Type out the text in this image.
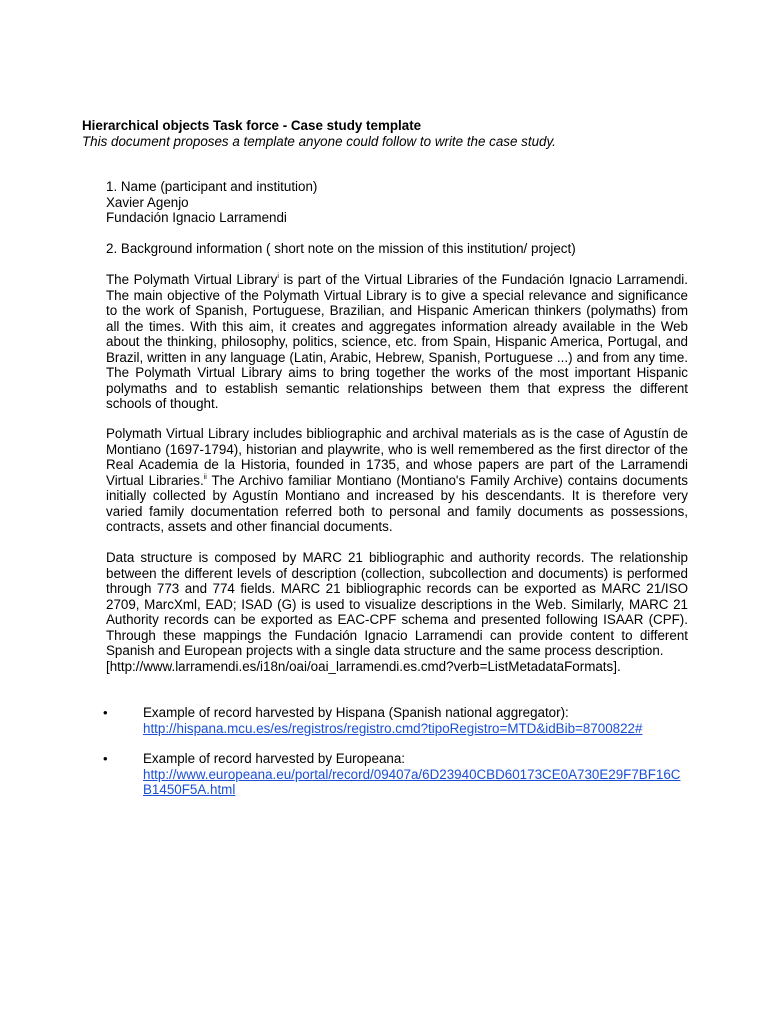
Hierarchical objects Task force - Case study template

This document proposes a template anyone could follow to write the case study.

1. Name (participant and institution)
Xavier Agenjo
Fundación Ignacio Larramendi
2. Background information ( short note on the mission of this institution/ project)

The Polymath Virtual Library$^i$ is part of the Virtual Libraries of the Fundación Ignacio Larramendi. The main objective of the Polymath Virtual Library is to give a special relevance and significance to the work of Spanish, Portuguese, Brazilian, and Hispanic American thinkers (polymaths) from all the times. With this aim, it creates and aggregates information already available in the Web about the thinking, philosophy, politics, science, etc. from Spain, Hispanic America, Portugal, and Brazil, written in any language (Latin, Arabic, Hebrew, Spanish, Portuguese ...) and from any time. The Polymath Virtual Library aims to bring together the works of the most important Hispanic polymaths and to establish semantic relationships between them that express the different schools of thought.

Polymath Virtual Library includes bibliographic and archival materials as is the case of Agustín de Montiano (1697-1794), historian and playwrite, who is well remembered as the first director of the Real Academia de la Historia, founded in 1735, and whose papers are part of the Larramendi Virtual Libraries.$^{ii}$ The Archivo familiar Montiano (Montiano's Family Archive) contains documents initially collected by Agustín Montiano and increased by his descendants. It is therefore very varied family documentation referred both to personal and family documents as possessions, contracts, assets and other financial documents.

Data structure is composed by MARC 21 bibliographic and authority records. The relationship between the different levels of description (collection, subcollection and documents) is performed through 773 and 774 fields. MARC 21 bibliographic records can be exported as MARC 21/ISO 2709, MarcXml, EAD; ISAD (G) is used to visualize descriptions in the Web. Similarly, MARC 21 Authority records can be exported as EAC-CPF schema and presented following ISAAR (CPF). Through these mappings the Fundación Ignacio Larramendi can provide content to different Spanish and European projects with a single data structure and the same process description.
[http://www.larramendi.es/i18n/oai/oai_larramendi.es.cmd?verb=ListMetadataFormats].

•	Example of record harvested by Hispana (Spanish national aggregator):
http://hispana.mcu.es/es/registros/registro.cmd?tipoRegistro=MTD&idBib=8700822#
•	Example of record harvested by Europeana:
http://www.europeana.eu/portal/record/09407a/6D23940CBD60173CE0A730E29F7BF16CB1450F5A.html
